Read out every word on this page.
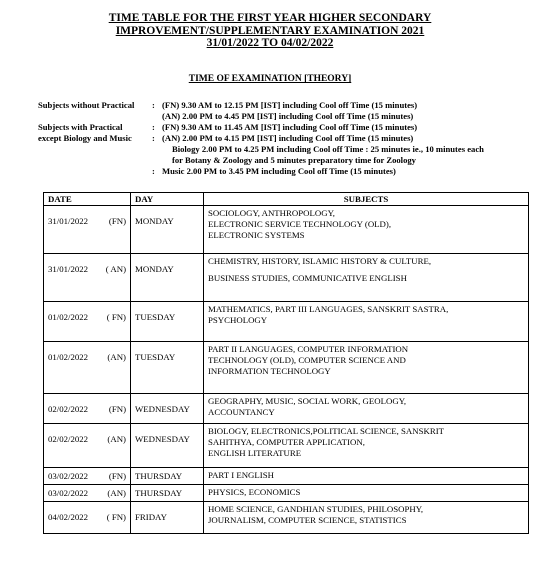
TIME TABLE FOR THE FIRST YEAR HIGHER SECONDARY
IMPROVEMENT/SUPPLEMENTARY EXAMINATION 2021
31/01/2022 TO 04/02/2022
TIME OF EXAMINATION [THEORY]
Subjects without Practical	: (FN) 9.30 AM to 12.15 PM [IST] including Cool off Time (15 minutes)
(AN) 2.00 PM to 4.45 PM [IST] including Cool off Time (15 minutes)
Subjects with Practical	: (FN) 9.30 AM to 11.45 AM [IST] including Cool off Time (15 minutes)
except Biology and Music	: (AN) 2.00 PM to 4.15 PM [IST] including Cool off Time (15 minutes)
Biology 2.00 PM to 4.25 PM including Cool off Time : 25 minutes ie., 10 minutes each
for Botany & Zoology and 5 minutes preparatory time for Zoology
: Music 2.00 PM to 3.45 PM including Cool off Time (15 minutes)
DATE	DAY	SUBJECTS

31/01/2022 (FN)	MONDAY	SOCIOLOGY, ANTHROPOLOGY,
ELECTRONIC SERVICE TECHNOLOGY (OLD),
ELECTRONIC SYSTEMS

31/01/2022 ( AN)	MONDAY	CHEMISTRY, HISTORY, ISLAMIC HISTORY & CULTURE,
BUSINESS STUDIES, COMMUNICATIVE ENGLISH

01/02/2022 ( FN)	TUESDAY	MATHEMATICS, PART III LANGUAGES, SANSKRIT SASTRA,
PSYCHOLOGY

01/02/2022 (AN)	TUESDAY	PART II LANGUAGES, COMPUTER INFORMATION
TECHNOLOGY (OLD), COMPUTER SCIENCE AND
INFORMATION TECHNOLOGY

02/02/2022 (FN)	WEDNESDAY	GEOGRAPHY, MUSIC, SOCIAL WORK, GEOLOGY,
ACCOUNTANCY

02/02/2022 (AN)	WEDNESDAY	BIOLOGY, ELECTRONICS,POLITICAL SCIENCE, SANSKRIT
SAHITHYA, COMPUTER APPLICATION,
ENGLISH LITERATURE

03/02/2022 (FN)	THURSDAY	PART I ENGLISH

03/02/2022 (AN)	THURSDAY	PHYSICS, ECONOMICS

04/02/2022 ( FN)	FRIDAY	HOME SCIENCE, GANDHIAN STUDIES, PHILOSOPHY,
JOURNALISM, COMPUTER SCIENCE, STATISTICS
